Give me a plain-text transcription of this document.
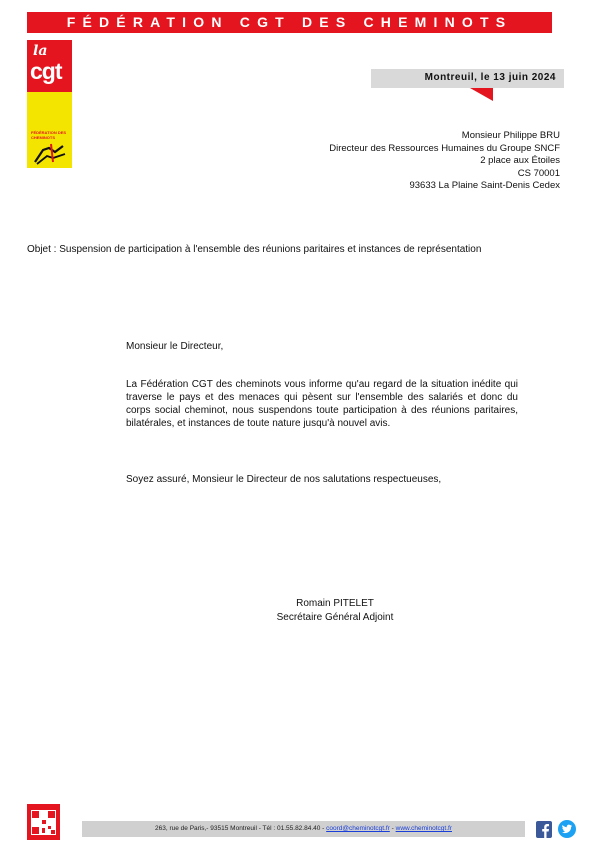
FÉDÉRATION CGT DES CHEMINOTS
la
cgt
FÉDÉRATION DES CHEMINOTS
Montreuil, le 13 juin 2024
Monsieur Philippe BRU
Directeur des Ressources Humaines du Groupe SNCF
2 place aux Étoiles
CS 70001
93633 La Plaine Saint-Denis Cedex
Objet : Suspension de participation à l'ensemble des réunions paritaires et instances de représentation
Monsieur le Directeur,
La Fédération CGT des cheminots vous informe qu'au regard de la situation inédite qui traverse le pays et des menaces qui pèsent sur l'ensemble des salariés et donc du corps social cheminot, nous suspendons toute participation à des réunions paritaires, bilatérales, et instances de toute nature jusqu'à nouvel avis.
Soyez assuré, Monsieur le Directeur de nos salutations respectueuses,
Romain PITELET
Secrétaire Général Adjoint
263, rue de Paris,- 93515 Montreuil - Tél : 01.55.82.84.40 - coord@cheminotcgt.fr - www.cheminotcgt.fr
